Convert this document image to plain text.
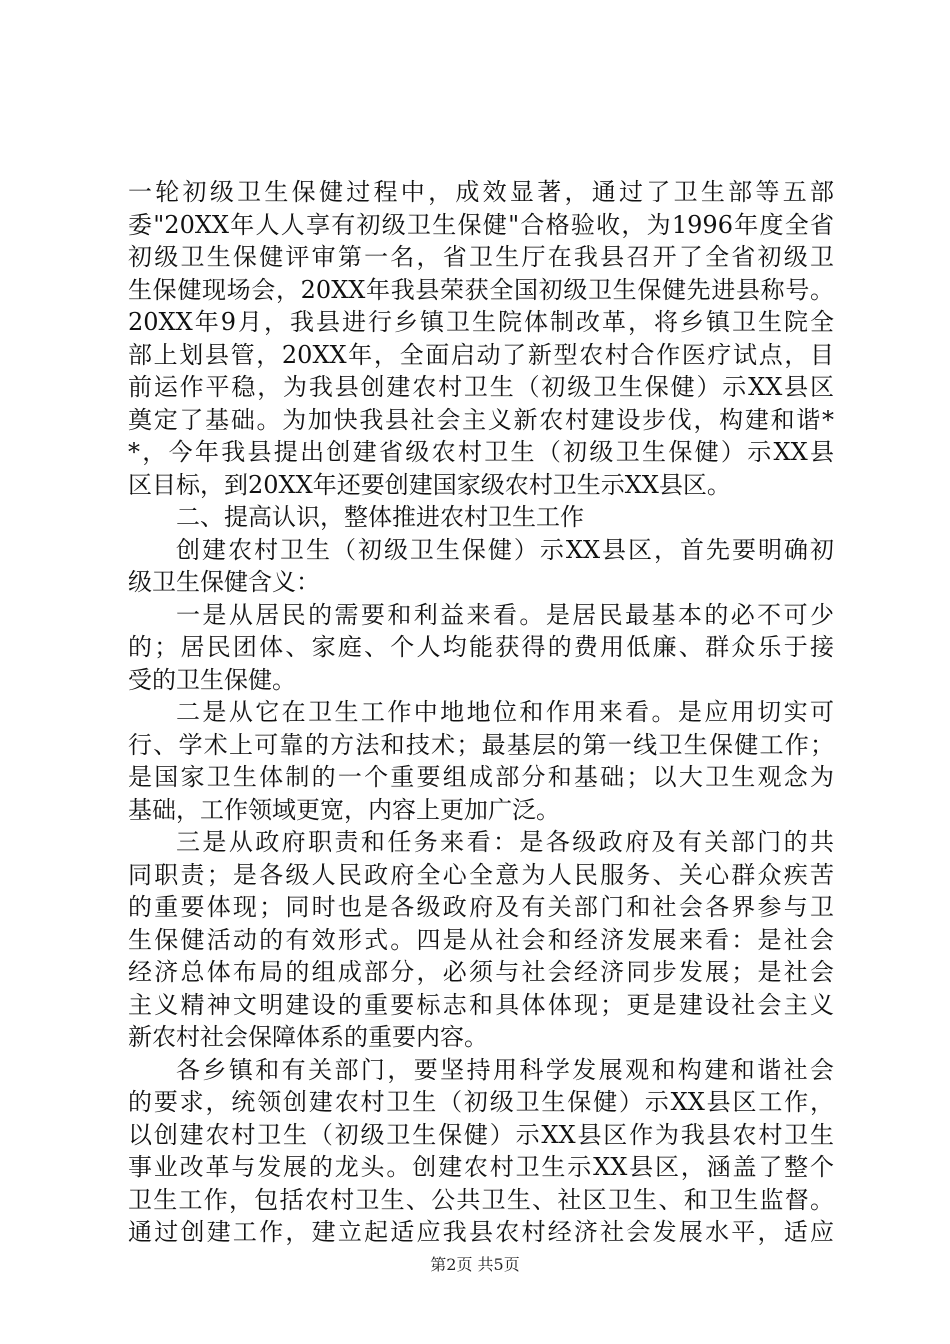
一轮初级卫生保健过程中，成效显著，通过了卫生部等五部
委"20XX年人人享有初级卫生保健"合格验收，为1996年度全省
初级卫生保健评审第一名，省卫生厅在我县召开了全省初级卫
生保健现场会，20XX年我县荣获全国初级卫生保健先进县称号。
20XX年9月，我县进行乡镇卫生院体制改革，将乡镇卫生院全
部上划县管，20XX年，全面启动了新型农村合作医疗试点，目
前运作平稳，为我县创建农村卫生（初级卫生保健）示XX县区
奠定了基础。为加快我县社会主义新农村建设步伐，构建和谐*
*，今年我县提出创建省级农村卫生（初级卫生保健）示XX县
区目标，到20XX年还要创建国家级农村卫生示XX县区。
二、提高认识，整体推进农村卫生工作
创建农村卫生（初级卫生保健）示XX县区，首先要明确初
级卫生保健含义：
一是从居民的需要和利益来看。是居民最基本的必不可少
的；居民团体、家庭、个人均能获得的费用低廉、群众乐于接
受的卫生保健。
二是从它在卫生工作中地地位和作用来看。是应用切实可
行、学术上可靠的方法和技术；最基层的第一线卫生保健工作；
是国家卫生体制的一个重要组成部分和基础；以大卫生观念为
基础，工作领域更宽，内容上更加广泛。
三是从政府职责和任务来看：是各级政府及有关部门的共
同职责；是各级人民政府全心全意为人民服务、关心群众疾苦
的重要体现；同时也是各级政府及有关部门和社会各界参与卫
生保健活动的有效形式。四是从社会和经济发展来看：是社会
经济总体布局的组成部分，必须与社会经济同步发展；是社会
主义精神文明建设的重要标志和具体体现；更是建设社会主义
新农村社会保障体系的重要内容。
各乡镇和有关部门，要坚持用科学发展观和构建和谐社会
的要求，统领创建农村卫生（初级卫生保健）示XX县区工作，
以创建农村卫生（初级卫生保健）示XX县区作为我县农村卫生
事业改革与发展的龙头。创建农村卫生示XX县区，涵盖了整个
卫生工作，包括农村卫生、公共卫生、社区卫生、和卫生监督。
通过创建工作，建立起适应我县农村经济社会发展水平，适应
第2页 共5页
